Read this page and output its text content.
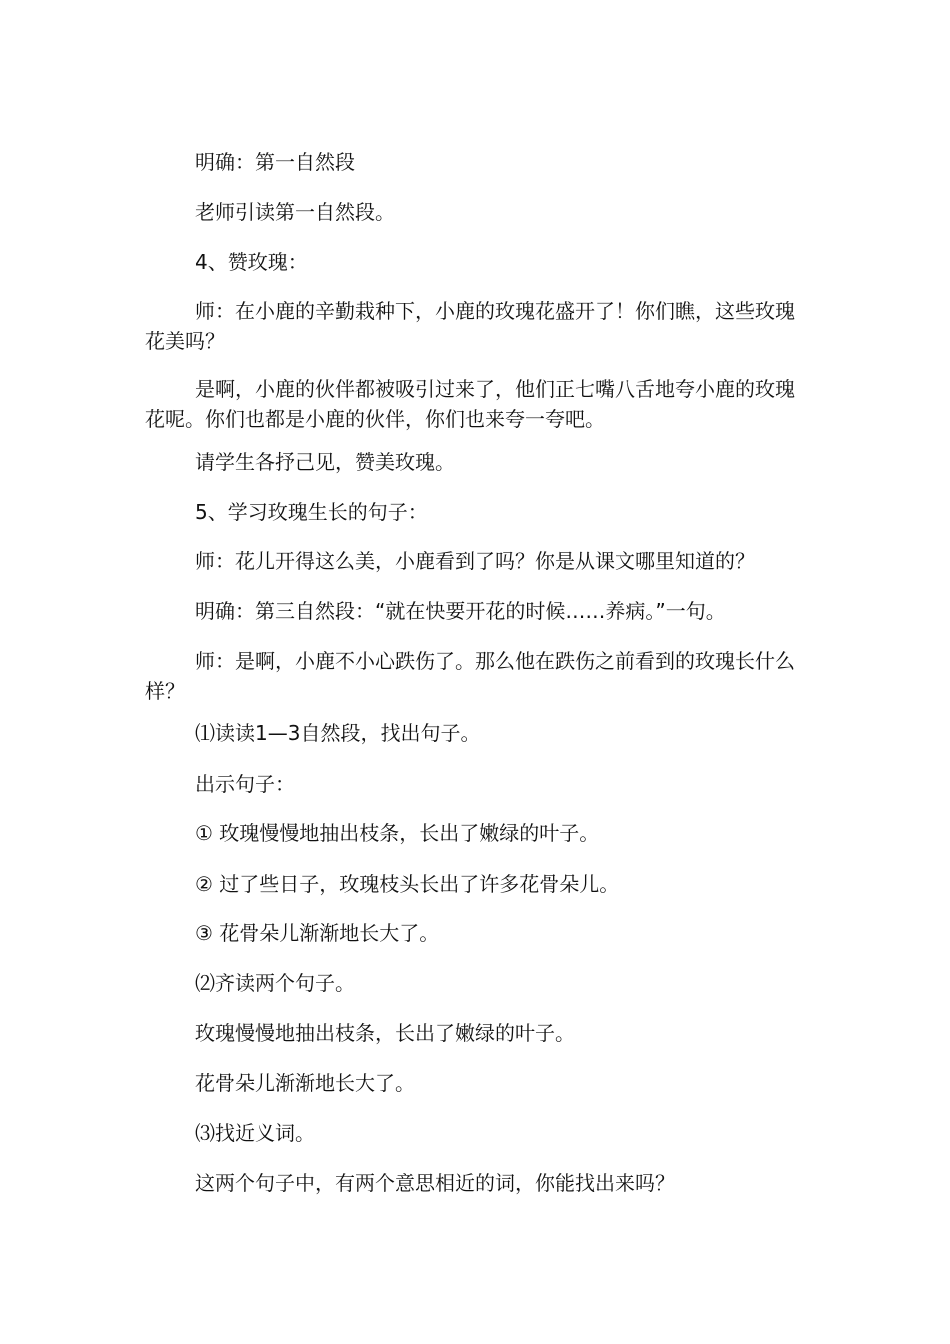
明确：第一自然段

老师引读第一自然段。

4、赞玫瑰：

师：在小鹿的辛勤栽种下，小鹿的玫瑰花盛开了！你们瞧，这些玫瑰花美吗？

是啊，小鹿的伙伴都被吸引过来了，他们正七嘴八舌地夸小鹿的玫瑰花呢。你们也都是小鹿的伙伴，你们也来夸一夸吧。

请学生各抒己见，赞美玫瑰。

5、学习玫瑰生长的句子：

师：花儿开得这么美，小鹿看到了吗？你是从课文哪里知道的？

明确：第三自然段：“就在快要开花的时候……养病。”一句。

师：是啊，小鹿不小心跌伤了。那么他在跌伤之前看到的玫瑰长什么样？

⑴读读1—3自然段，找出句子。

出示句子：

① 玫瑰慢慢地抽出枝条，长出了嫩绿的叶子。

② 过了些日子，玫瑰枝头长出了许多花骨朵儿。

③ 花骨朵儿渐渐地长大了。

⑵齐读两个句子。

玫瑰慢慢地抽出枝条，长出了嫩绿的叶子。

花骨朵儿渐渐地长大了。

⑶找近义词。

这两个句子中，有两个意思相近的词，你能找出来吗？
